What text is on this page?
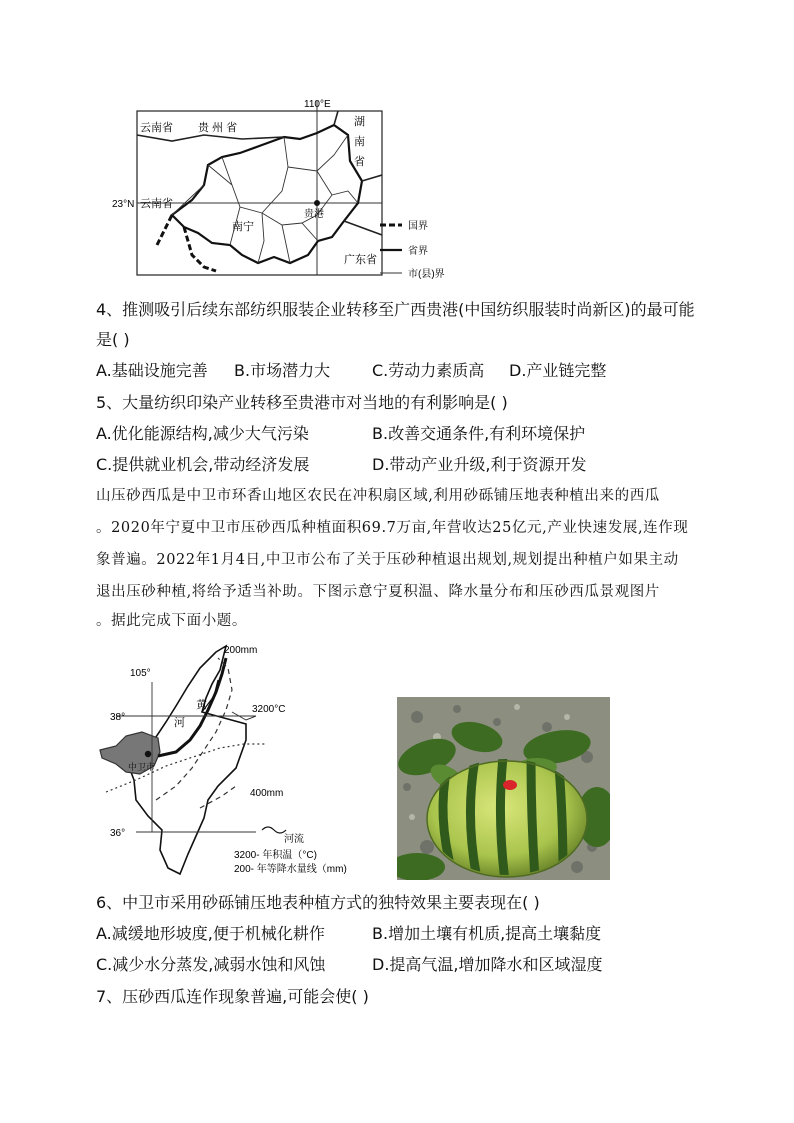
110°E
23°N
云南省 贵 州 省	湖
南
省
云南省
南宁
贵港
广东省
国界
省界
市(县)界
4、推测吸引后续东部纺织服装企业转移至广西贵港(中国纺织服装时尚新区)的最可能
是( )
A.基础设施完善 B.市场潜力大	C.劳动力素质高 D.产业链完整
5、大量纺织印染产业转移至贵港市对当地的有利影响是( )
A.优化能源结构,减少大气污染	B.改善交通条件,有利环境保护
C.提供就业机会,带动经济发展	D.带动产业升级,利于资源开发
山压砂西瓜是中卫市环香山地区农民在冲积扇区域,利用砂砾铺压地表种植出来的西瓜
。2020年宁夏中卫市压砂西瓜种植面积69.7万亩,年营收达25亿元,产业快速发展,连作现
象普遍。2022年1月4日,中卫市公布了关于压砂种植退出规划,规划提出种植户如果主动
退出压砂种植,将给予适当补助。下图示意宁夏积温、降水量分布和压砂西瓜景观图片
。据此完成下面小题。
200mm
105°
黄
河
38°
3200°C
中卫市
400mm
36°
河流
3200- 年积温（°C)
200- 年等降水量线（mm)
6、中卫市采用砂砾铺压地表种植方式的独特效果主要表现在( )
A.减缓地形坡度,便于机械化耕作	B.增加土壤有机质,提高土壤黏度
C.减少水分蒸发,减弱水蚀和风蚀	D.提高气温,增加降水和区域湿度
7、压砂西瓜连作现象普遍,可能会使( )
